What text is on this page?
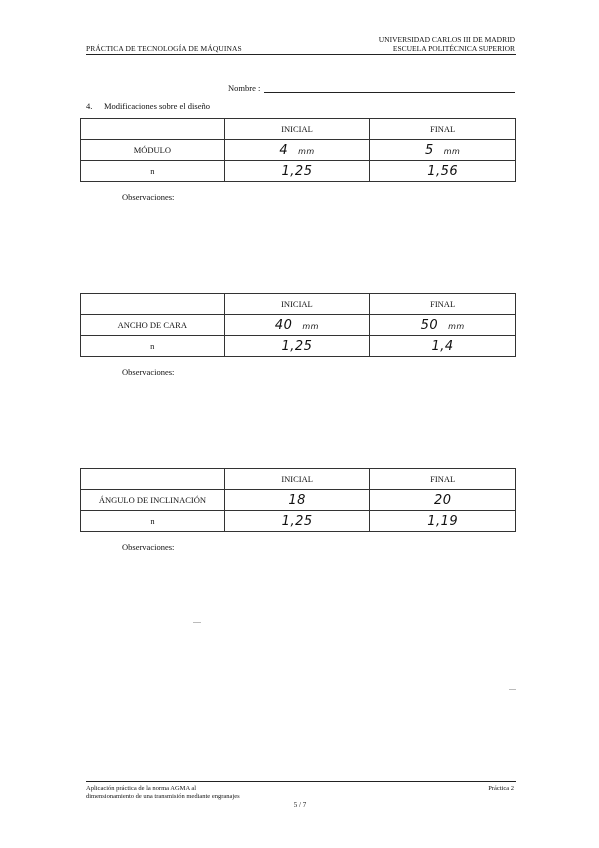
PRÁCTICA DE TECNOLOGÍA DE MÁQUINAS
UNIVERSIDAD CARLOS III DE MADRID
ESCUELA POLITÉCNICA SUPERIOR
Nombre :
4. Modificaciones sobre el diseño
	INICIAL	FINAL
MÓDULO	4 mm	5 mm
n	1,25	1,56
Observaciones:
	INICIAL	FINAL
ANCHO DE CARA	40 mm	50 mm
n	1,25	1,4
Observaciones:
	INICIAL	FINAL
ÁNGULO DE INCLINACIÓN	18	20
n	1,25	1,19
Observaciones:
Aplicación práctica de la norma AGMA al
dimensionamiento de una transmisión mediante engranajes
Práctica 2
5 / 7
